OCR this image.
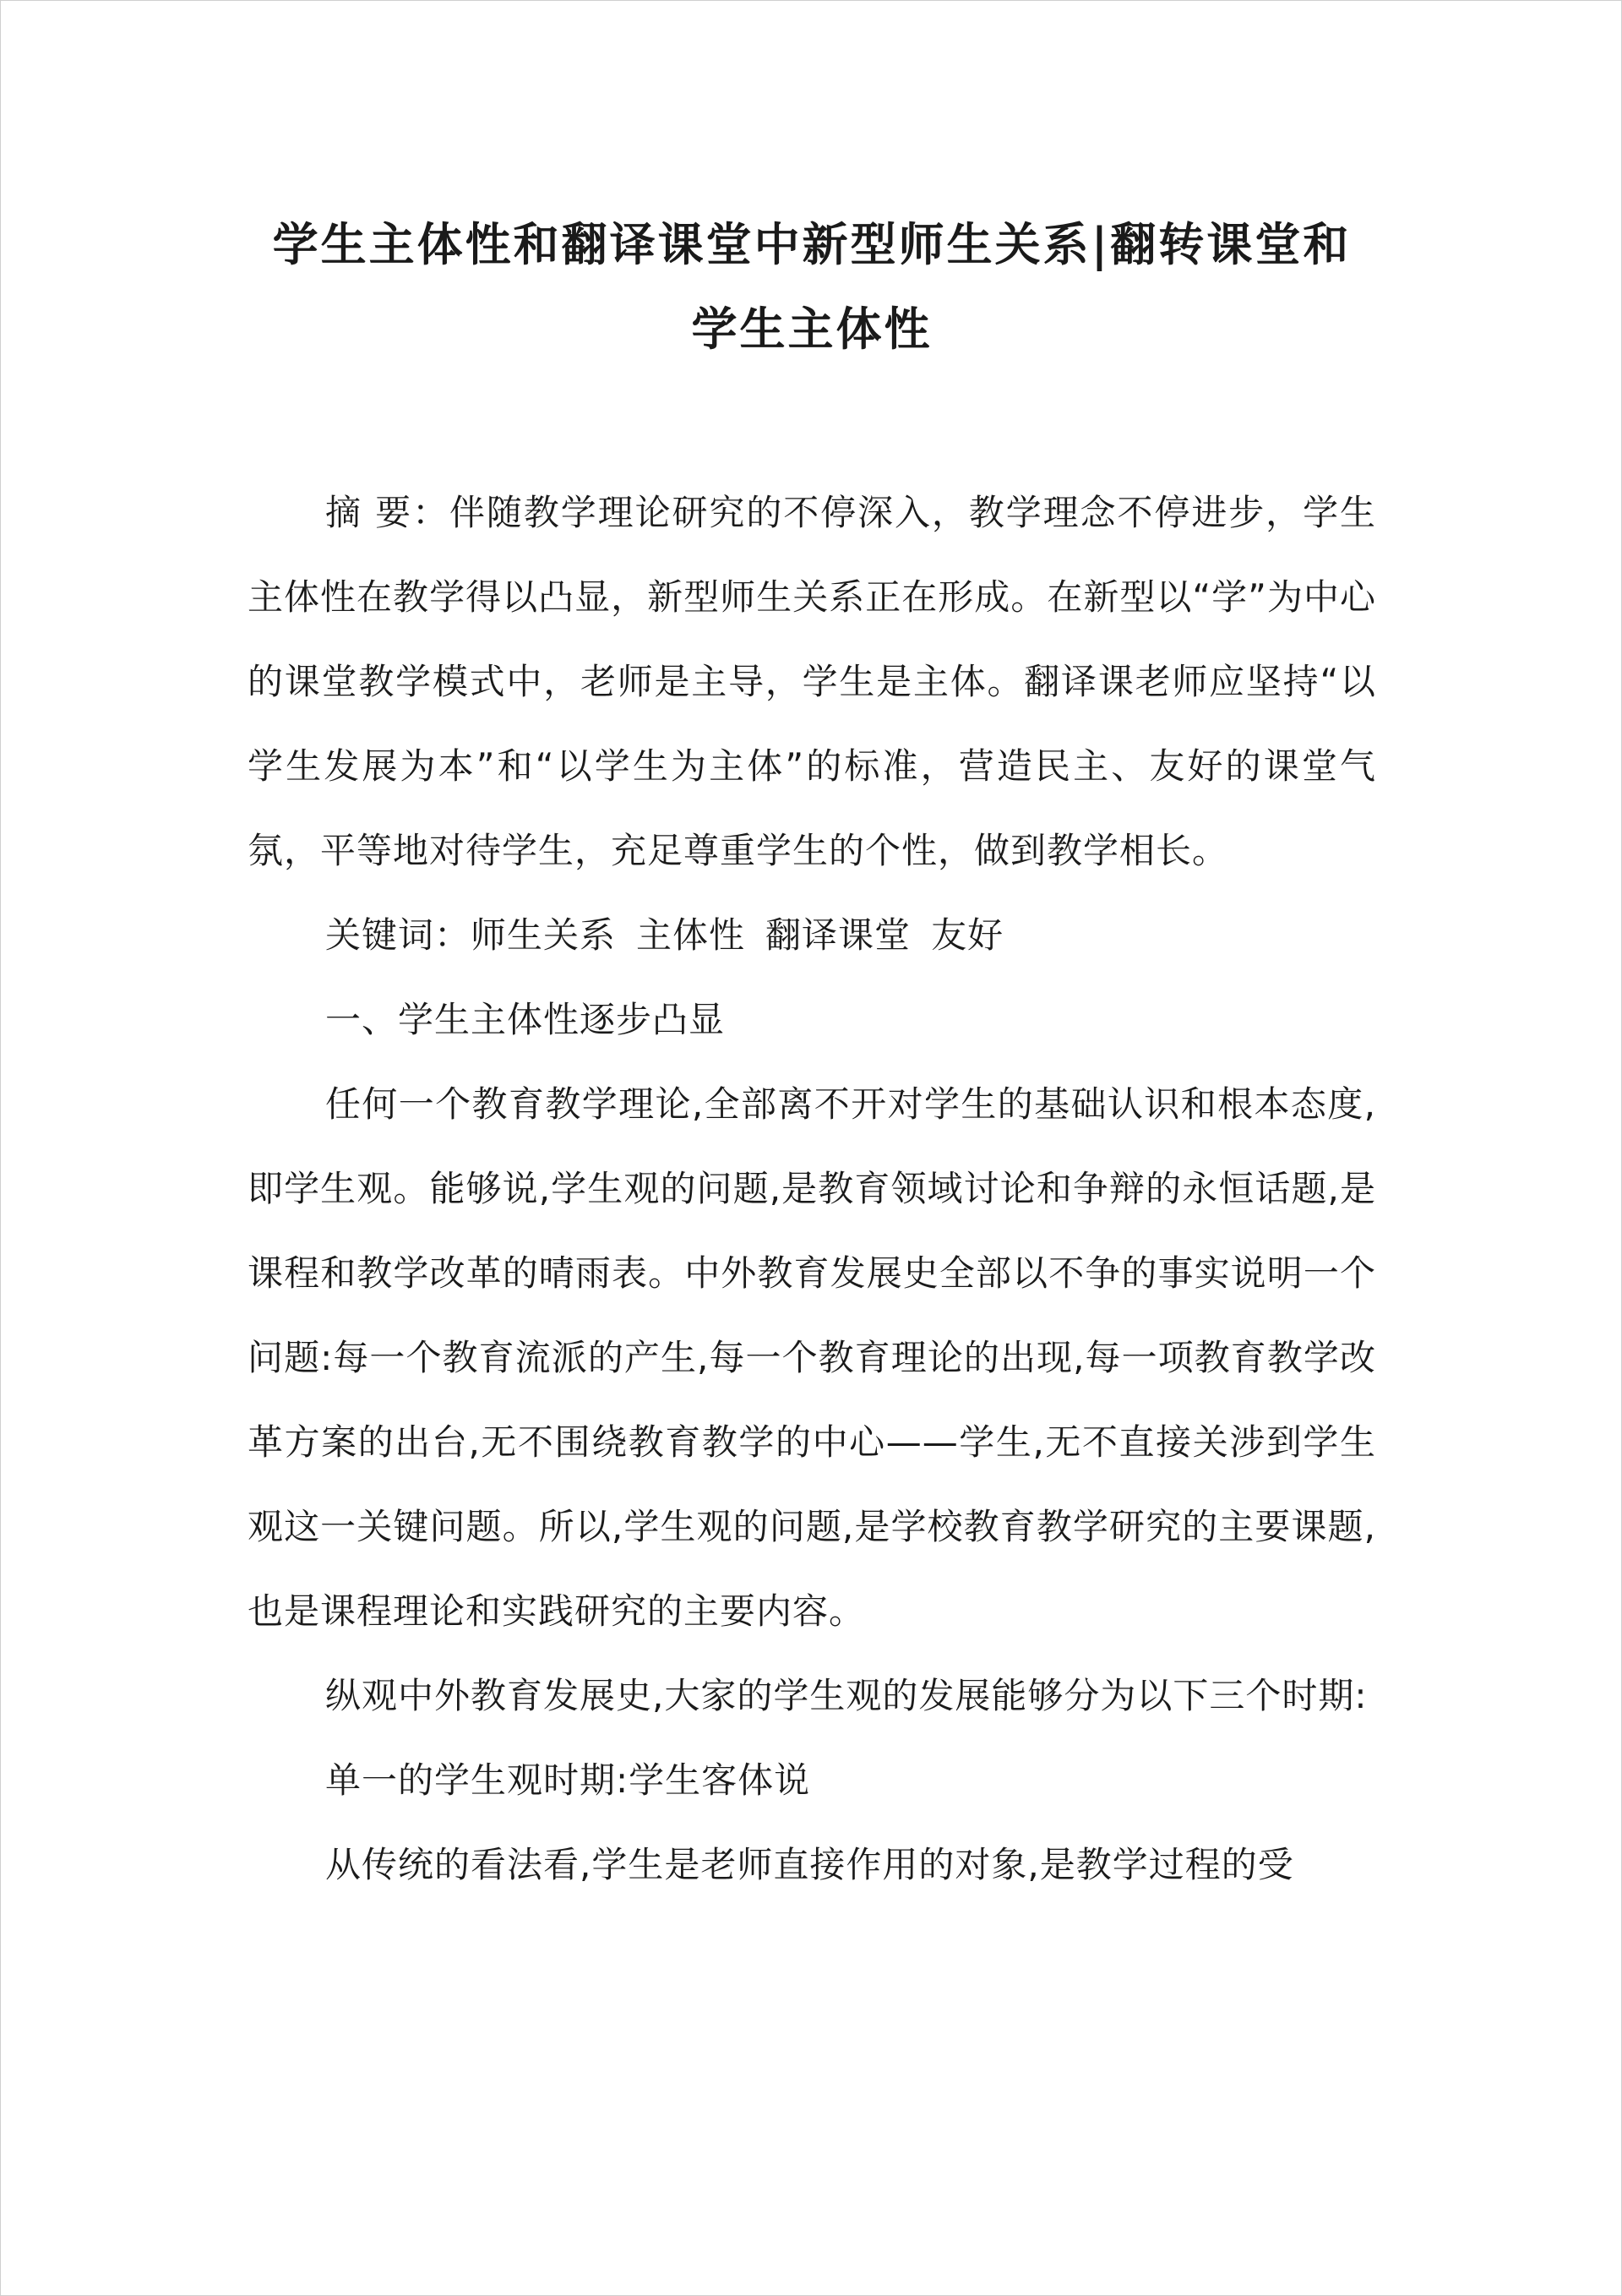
学生主体性和翻译课堂中新型师生关系|翻转课堂和
学生主体性

摘 要：伴随教学理论研究的不停深入，教学理念不停进步，学生主体性在教学得以凸显，新型师生关系正在形成。在新型以“学”为中心的课堂教学模式中，老师是主导，学生是主体。翻译课老师应坚持“以学生发展为本”和“以学生为主体”的标准，营造民主、友好的课堂气氛，平等地对待学生，充足尊重学生的个性，做到教学相长。

关键词：师生关系 主体性 翻译课堂 友好

一、学生主体性逐步凸显

任何一个教育教学理论,全部离不开对学生的基础认识和根本态度,即学生观。能够说,学生观的问题,是教育领域讨论和争辩的永恒话题,是课程和教学改革的晴雨表。中外教育发展史全部以不争的事实说明一个问题:每一个教育流派的产生,每一个教育理论的出现,每一项教育教学改革方案的出台,无不围绕教育教学的中心——学生,无不直接关涉到学生观这一关键问题。所以,学生观的问题,是学校教育教学研究的主要课题,也是课程理论和实践研究的主要内容。

纵观中外教育发展史,大家的学生观的发展能够分为以下三个时期:

单一的学生观时期:学生客体说

从传统的看法看,学生是老师直接作用的对象,是教学过程的受
